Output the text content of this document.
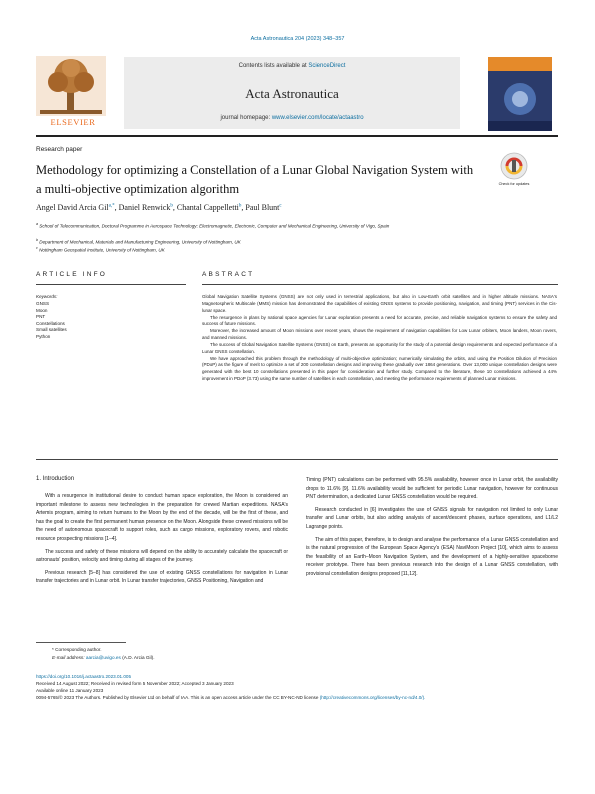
Acta Astronautica 204 (2023) 348–357
ELSEVIER
Contents lists available at ScienceDirect
Acta Astronautica
journal homepage: www.elsevier.com/locate/actaastro
Research paper
Methodology for optimizing a Constellation of a Lunar Global Navigation System with a multi-objective optimization algorithm	Check for updates
Angel David Arcia Gil$^{a,*}$, Daniel Renwick$^b$, Chantal Cappelletti$^b$, Paul Blunt$^c$
$^a$ School of Telecommunication, Doctoral Programme in Aerospace Technology: Electromagnetic, Electronic, Computer and Mechanical Engineering, University of Vigo, Spain
$^b$ Department of Mechanical, Materials and Manufacturing Engineering, University of Nottingham, UK
$^c$ Nottingham Geospatial Institute, University of Nottingham, UK
ARTICLE INFO	ABSTRACT
Keywords:
GNSS
Moon
PNT
Constellations
Small satellites
Python

Global Navigation Satellite Systems (GNSS) are not only used in terrestrial applications, but also in Low-Earth orbit satellites and in higher altitude missions. NASA's Magnetospheric Multiscale (MMS) mission has demonstrated the capabilities of existing GNSS systems to provide positioning, navigation, and timing (PNT) services in the Cis-lunar space.

The resurgence in plans by national space agencies for Lunar exploration presents a need for accurate, precise, and reliable navigation systems to ensure the safety and success of future missions.

Moreover, the increased amount of Moon missions over recent years, shows the requirement of navigation capabilities for Low Lunar orbiters, Moon landers, Moon rovers, and manned missions.

The success of Global Navigation Satellite Systems (GNSS) on Earth, presents an opportunity for the study of a potential design requirements and expected performance of a Lunar GNSS constellation.

We have approached this problem through the methodology of multi-objective optimization; numerically simulating the orbits, and using the Position Dilution of Precision (PDoP) as the figure of merit to optimize a set of 200 constellation designs and improving these gradually over 1864 generations. Over 13,000 unique constellation designs were generated with the best 10 constellations presented in this paper for consideration and further study. Compared to the literature, these 10 constellations achieved a 44% improvement in PDoP (3.73) using the same number of satellites in each constellation, and meeting the performance requirements of planned Lunar missions.

1. Introduction

With a resurgence in institutional desire to conduct human space exploration, the Moon is considered an important milestone to assess new technologies in the preparation for crewed Martian expeditions. NASA's Artemis program, aiming to return humans to the Moon by the end of the decade, will be the first of these, and has the goal to create the first permanent human presence on the Moon. Alongside these crewed missions will be the need of autonomous spacecraft to support roles, such as cargo missions, exploratory rovers, and robotic resource prospecting missions [1–4].

The success and safety of these missions will depend on the ability to accurately calculate the spacecraft or astronauts' position, velocity and timing during all stages of the journey.

Previous research [5–8] has considered the use of existing GNSS constellations for navigation in Lunar transfer trajectories and in Lunar orbit. In Lunar transfer trajectories, GNSS Positioning, Navigation and

Timing (PNT) calculations can be performed with 95.5% availability, however once in Lunar orbit, the availability drops to 11.6% [9]. 11.6% availability would be sufficient for periodic Lunar navigation, however for continuous PNT determination, a dedicated Lunar GNSS constellation would be required.

Research conducted in [6] investigates the use of GNSS signals for navigation not limited to only Lunar transfer and Lunar orbits, but also adding analysis of ascent/descent phases, surface operations, and L1/L2 Lagrange points.

The aim of this paper, therefore, is to design and analyse the performance of a Lunar GNSS constellation and is the natural progression of the European Space Agency's (ESA) NaviMoon Project [10], which aims to assess the feasibility of an Earth–Moon Navigation System, and the development of a highly-sensitive spaceborne receiver prototype. There has been previous research into the design of a Lunar GNSS constellation, with provisional constellation designs proposed [11,12].

* Corresponding author.
E-mail address: aarcia@uvigo.es (A.D. Arcia Gil).
https://doi.org/10.1016/j.actaastro.2023.01.005
Received 14 August 2022; Received in revised form 5 November 2022; Accepted 3 January 2023
Available online 11 January 2023
0094-5765/© 2023 The Authors. Published by Elsevier Ltd on behalf of IAA. This is an open access article under the CC BY-NC-ND license (http://creativecommons.org/licenses/by-nc-nd/4.0/).
